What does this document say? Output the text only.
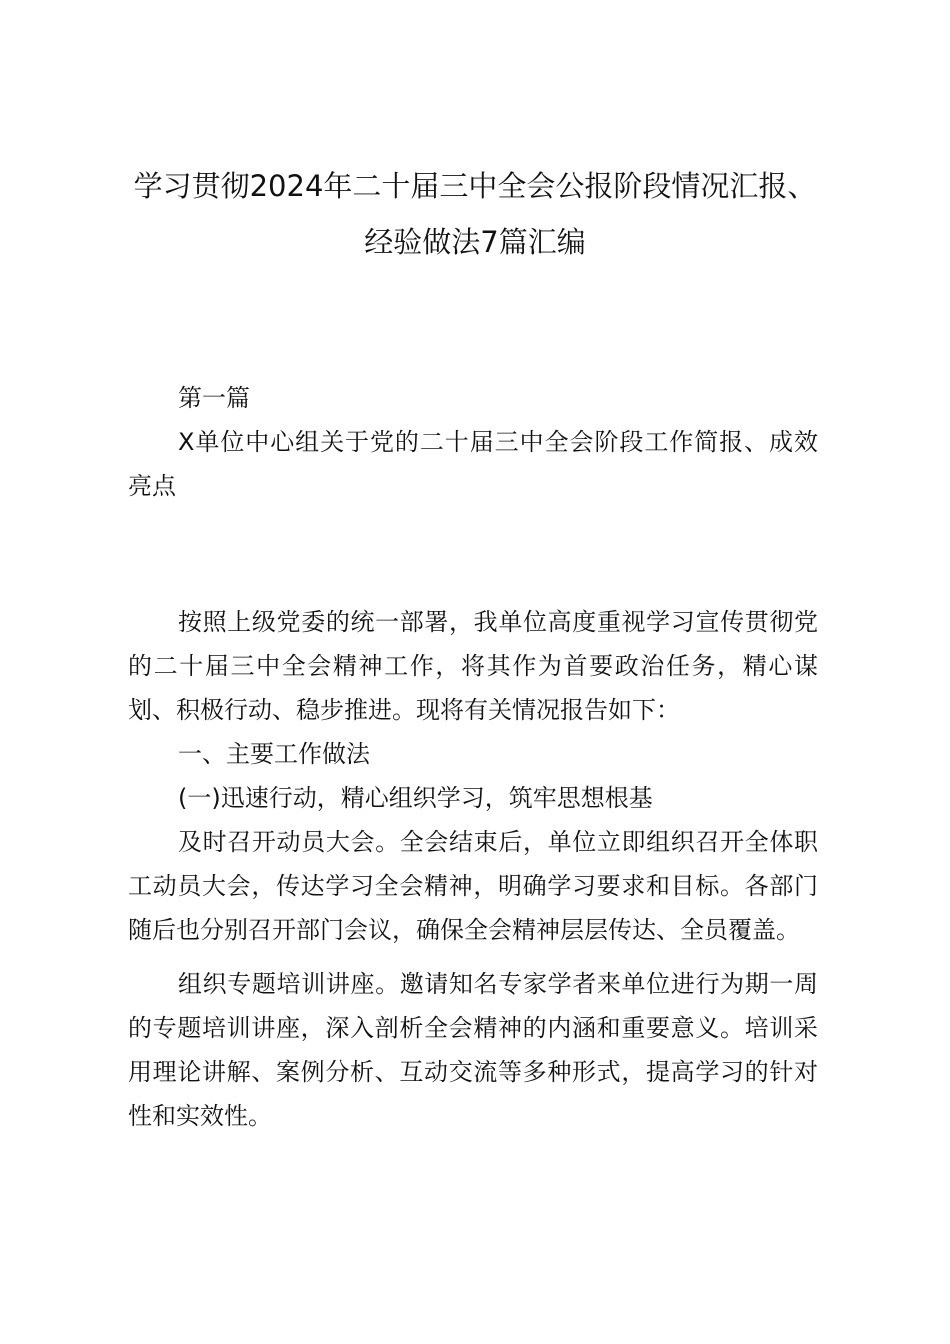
学习贯彻2024年二十届三中全会公报阶段情况汇报、
经验做法7篇汇编

第一篇

X单位中心组关于党的二十届三中全会阶段工作简报、成效亮点

按照上级党委的统一部署，我单位高度重视学习宣传贯彻党的二十届三中全会精神工作，将其作为首要政治任务，精心谋划、积极行动、稳步推进。现将有关情况报告如下：

一、主要工作做法

(一)迅速行动，精心组织学习，筑牢思想根基

及时召开动员大会。全会结束后，单位立即组织召开全体职工动员大会，传达学习全会精神，明确学习要求和目标。各部门随后也分别召开部门会议，确保全会精神层层传达、全员覆盖。

组织专题培训讲座。邀请知名专家学者来单位进行为期一周的专题培训讲座，深入剖析全会精神的内涵和重要意义。培训采用理论讲解、案例分析、互动交流等多种形式，提高学习的针对性和实效性。
